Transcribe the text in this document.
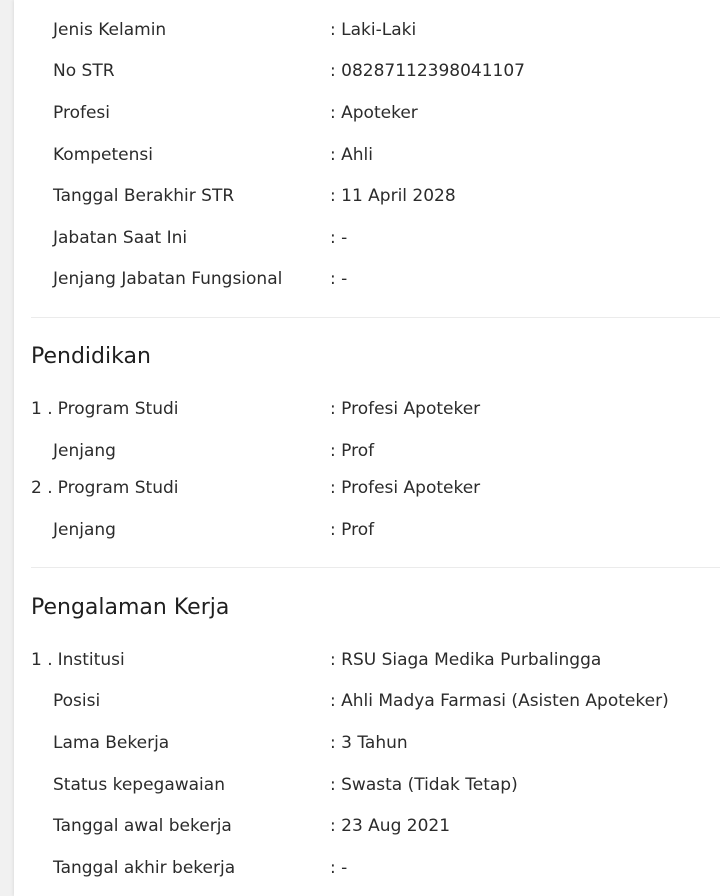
Jenis Kelamin	: Laki-Laki
No STR	: 08287112398041107
Profesi	: Apoteker
Kompetensi	: Ahli
Tanggal Berakhir STR	: 11 April 2028
Jabatan Saat Ini	: -
Jenjang Jabatan Fungsional	: -
Pendidikan
1 . Program Studi	: Profesi Apoteker
Jenjang	: Prof
2 . Program Studi	: Profesi Apoteker
Jenjang	: Prof
Pengalaman Kerja
1 . Institusi	: RSU Siaga Medika Purbalingga
Posisi	: Ahli Madya Farmasi (Asisten Apoteker)
Lama Bekerja	: 3 Tahun
Status kepegawaian	: Swasta (Tidak Tetap)
Tanggal awal bekerja	: 23 Aug 2021
Tanggal akhir bekerja	: -
